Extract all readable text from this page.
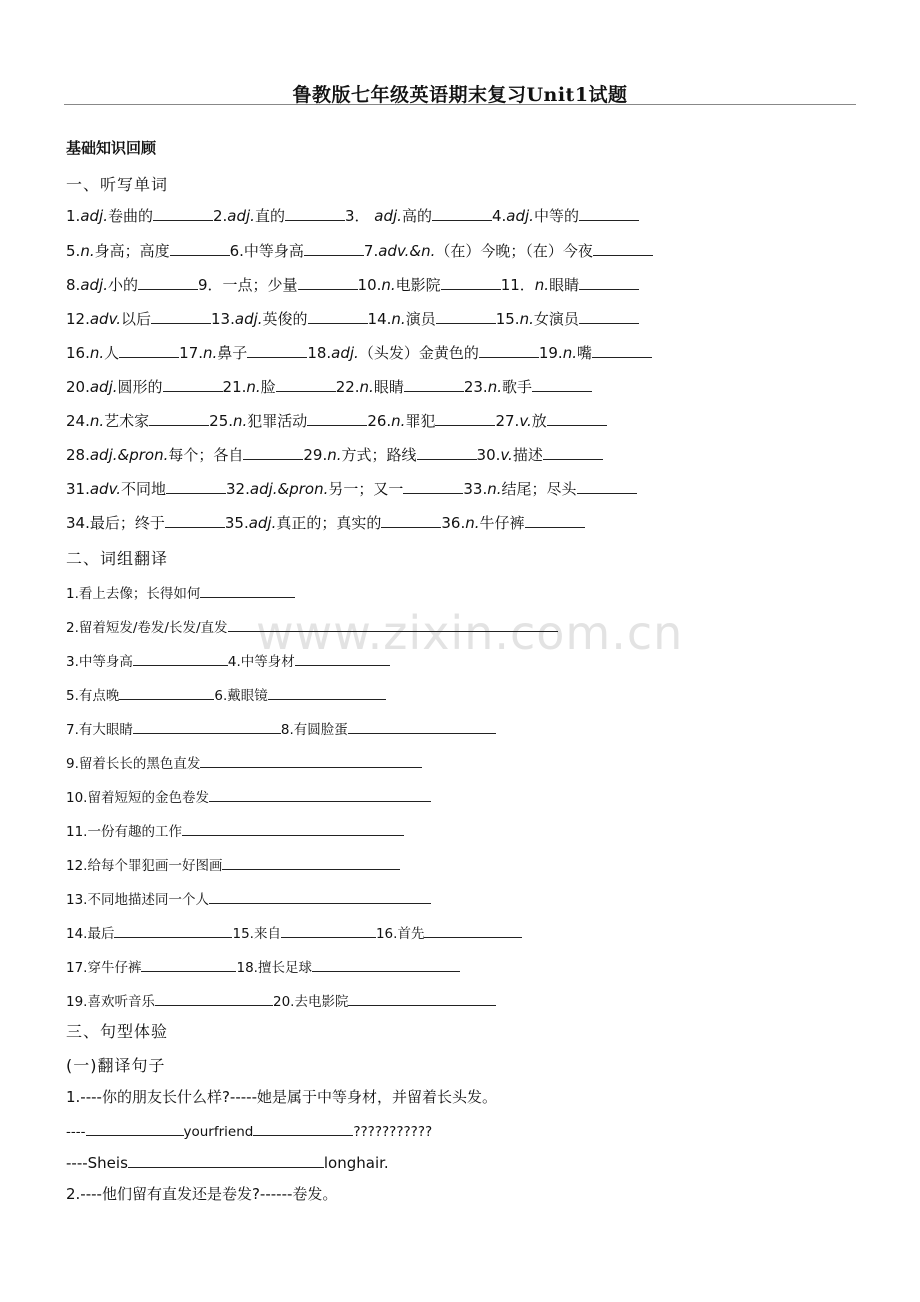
鲁教版七年级英语期末复习Unit1试题
www.zixin.com.cn
基础知识回顾
一、听写单词
1.adj.卷曲的	2.adj.直的	3． adj.高的	4.adj.中等的
5.n.身高；高度	6.中等身高	7.adv.&n.（在）今晚；（在）今夜
8.adj.小的	9．一点；少量	10.n.电影院	11．n.眼睛
12.adv.以后	13.adj.英俊的	14.n.演员	15.n.女演员
16.n.人	17.n.鼻子	18.adj.（头发）金黄色的	19.n.嘴
20.adj.圆形的	21.n.脸	22.n.眼睛	23.n.歌手
24.n.艺术家	25.n.犯罪活动	26.n.罪犯	27.v.放
28.adj.&pron.每个；各自	29.n.方式；路线	30.v.描述
31.adv.不同地	32.adj.&pron.另一；又一	33.n.结尾；尽头
34.最后；终于	35.adj.真正的；真实的	36.n.牛仔裤
二、词组翻译
1.看上去像；长得如何
2.留着短发/卷发/长发/直发
3.中等身高	4.中等身材
5.有点晚	6.戴眼镜
7.有大眼睛	8.有圆脸蛋
9.留着长长的黑色直发
10.留着短短的金色卷发
11.一份有趣的工作
12.给每个罪犯画一好图画
13.不同地描述同一个人
14.最后	15.来自	16.首先
17.穿牛仔裤	18.擅长足球
19.喜欢听音乐	20.去电影院
三、句型体验
(一)翻译句子
1.----你的朋友长什么样?-----她是属于中等身材，并留着长头发。
----	yourfriend	???????????
----Sheis	longhair.
2.----他们留有直发还是卷发?------卷发。
